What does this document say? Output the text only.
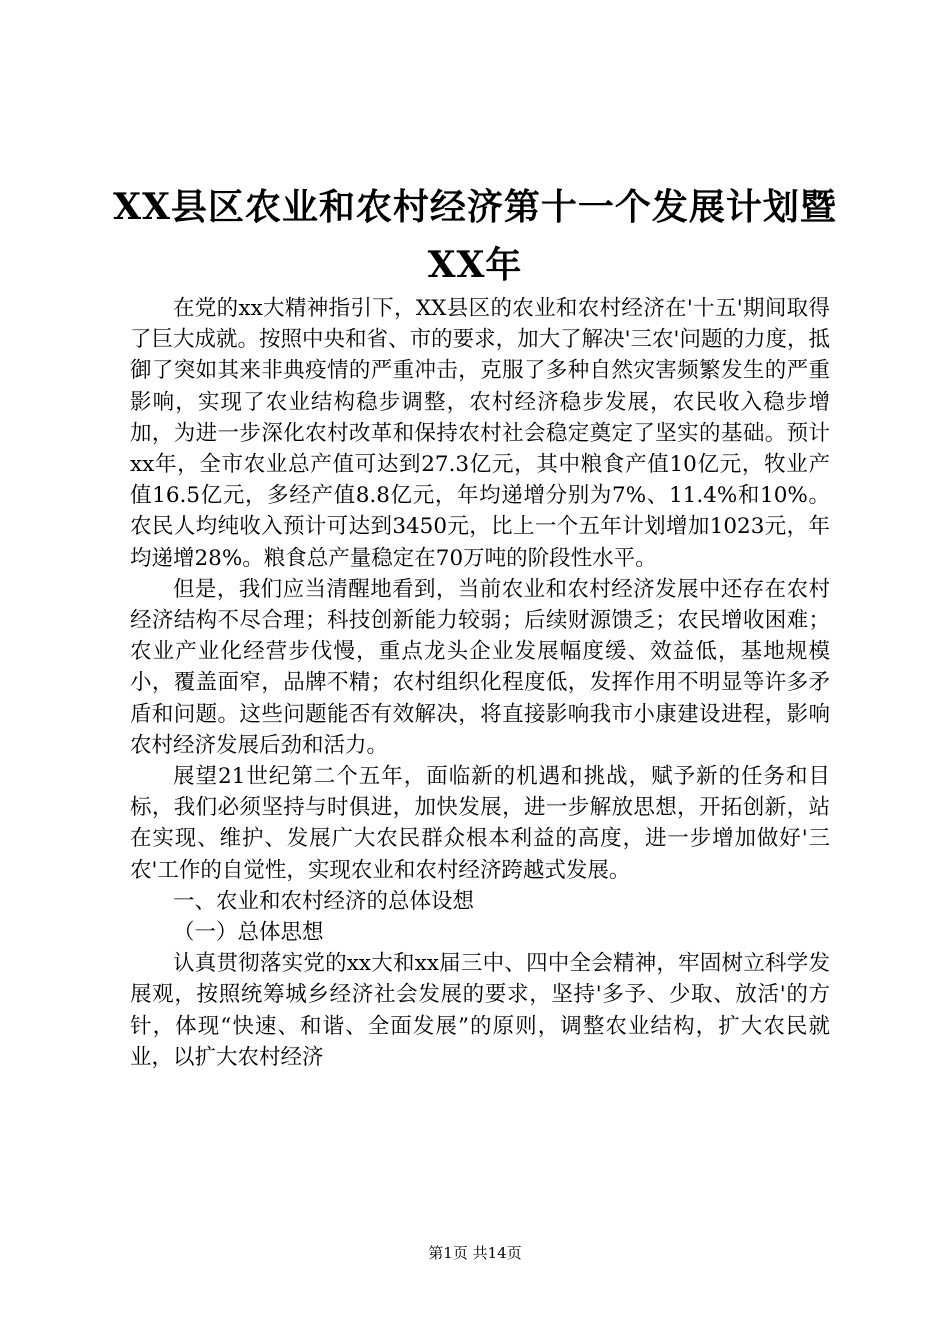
XX县区农业和农村经济第十一个发展计划暨
XX年

在党的xx大精神指引下，XX县区的农业和农村经济在'十五'期间取得了巨大成就。按照中央和省、市的要求，加大了解决'三农'问题的力度，抵御了突如其来非典疫情的严重冲击，克服了多种自然灾害频繁发生的严重影响，实现了农业结构稳步调整，农村经济稳步发展，农民收入稳步增加，为进一步深化农村改革和保持农村社会稳定奠定了坚实的基础。预计xx年，全市农业总产值可达到27.3亿元，其中粮食产值10亿元，牧业产值16.5亿元，多经产值8.8亿元，年均递增分别为7%、11.4%和10%。农民人均纯收入预计可达到3450元，比上一个五年计划增加1023元，年均递增28%。粮食总产量稳定在70万吨的阶段性水平。

但是，我们应当清醒地看到，当前农业和农村经济发展中还存在农村经济结构不尽合理；科技创新能力较弱；后续财源馈乏；农民增收困难；农业产业化经营步伐慢，重点龙头企业发展幅度缓、效益低，基地规模小，覆盖面窄，品牌不精；农村组织化程度低，发挥作用不明显等许多矛盾和问题。这些问题能否有效解决，将直接影响我市小康建设进程，影响农村经济发展后劲和活力。

展望21世纪第二个五年，面临新的机遇和挑战，赋予新的任务和目标，我们必须坚持与时俱进，加快发展，进一步解放思想，开拓创新，站在实现、维护、发展广大农民群众根本利益的高度，进一步增加做好'三农'工作的自觉性，实现农业和农村经济跨越式发展。

一、农业和农村经济的总体设想

（一）总体思想

认真贯彻落实党的xx大和xx届三中、四中全会精神，牢固树立科学发展观，按照统筹城乡经济社会发展的要求，坚持'多予、少取、放活'的方针，体现“快速、和谐、全面发展”的原则，调整农业结构，扩大农民就业，以扩大农村经济

第1页 共14页
